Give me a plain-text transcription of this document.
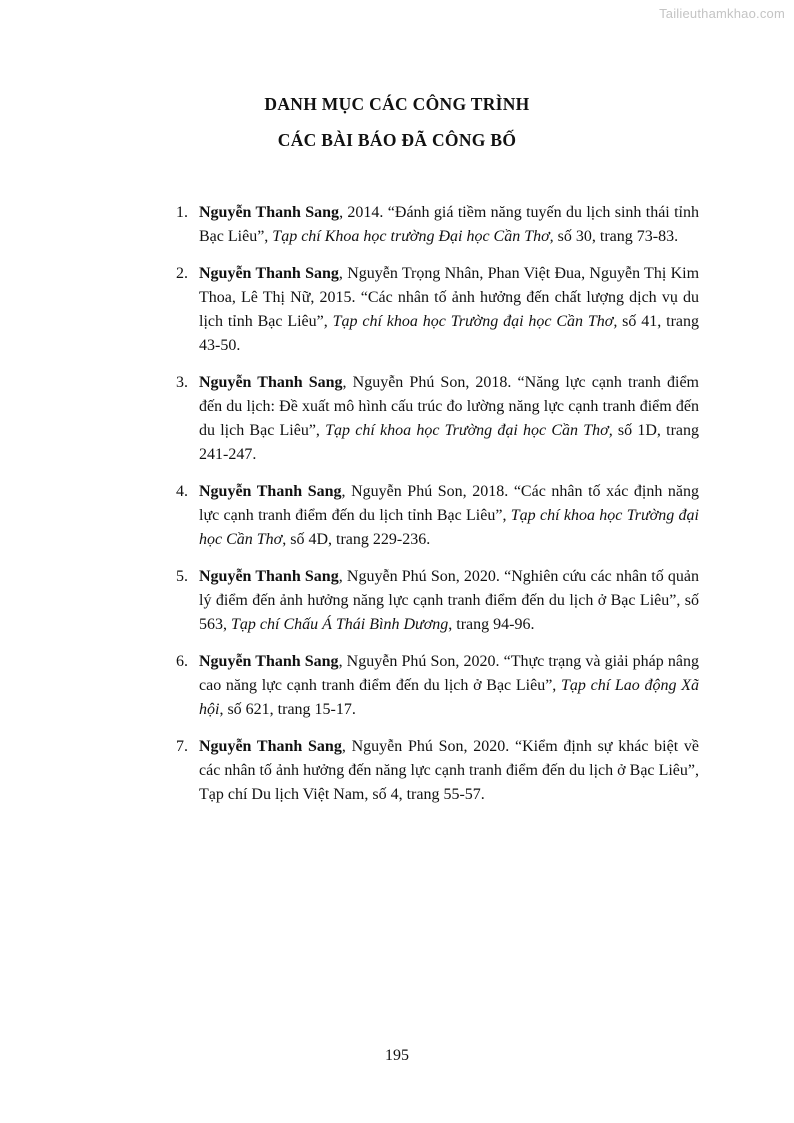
Tailieuthamkhao.com
DANH MỤC CÁC CÔNG TRÌNH
CÁC BÀI BÁO ĐÃ CÔNG BỐ
1. Nguyễn Thanh Sang, 2014. “Đánh giá tiềm năng tuyến du lịch sinh thái tỉnh Bạc Liêu”, Tạp chí Khoa học trường Đại học Cần Thơ, số 30, trang 73-83.
2. Nguyễn Thanh Sang, Nguyễn Trọng Nhân, Phan Việt Đua, Nguyễn Thị Kim Thoa, Lê Thị Nữ, 2015. “Các nhân tố ảnh hưởng đến chất lượng dịch vụ du lịch tỉnh Bạc Liêu”, Tạp chí khoa học Trường đại học Cần Thơ, số 41, trang 43-50.
3. Nguyễn Thanh Sang, Nguyễn Phú Son, 2018. “Năng lực cạnh tranh điểm đến du lịch: Đề xuất mô hình cấu trúc đo lường năng lực cạnh tranh điểm đến du lịch Bạc Liêu”, Tạp chí khoa học Trường đại học Cần Thơ, số 1D, trang 241-247.
4. Nguyễn Thanh Sang, Nguyễn Phú Son, 2018. “Các nhân tố xác định năng lực cạnh tranh điểm đến du lịch tỉnh Bạc Liêu”, Tạp chí khoa học Trường đại học Cần Thơ, số 4D, trang 229-236.
5. Nguyễn Thanh Sang, Nguyễn Phú Son, 2020. “Nghiên cứu các nhân tố quản lý điểm đến ảnh hưởng năng lực cạnh tranh điểm đến du lịch ở Bạc Liêu”, số 563, Tạp chí Chấu Á Thái Bình Dương, trang 94-96.
6. Nguyễn Thanh Sang, Nguyễn Phú Son, 2020. “Thực trạng và giải pháp nâng cao năng lực cạnh tranh điểm đến du lịch ở Bạc Liêu”, Tạp chí Lao động Xã hội, số 621, trang 15-17.
7. Nguyễn Thanh Sang, Nguyễn Phú Son, 2020. “Kiểm định sự khác biệt về các nhân tố ảnh hưởng đến năng lực cạnh tranh điểm đến du lịch ở Bạc Liêu”, Tạp chí Du lịch Việt Nam, số 4, trang 55-57.
195
